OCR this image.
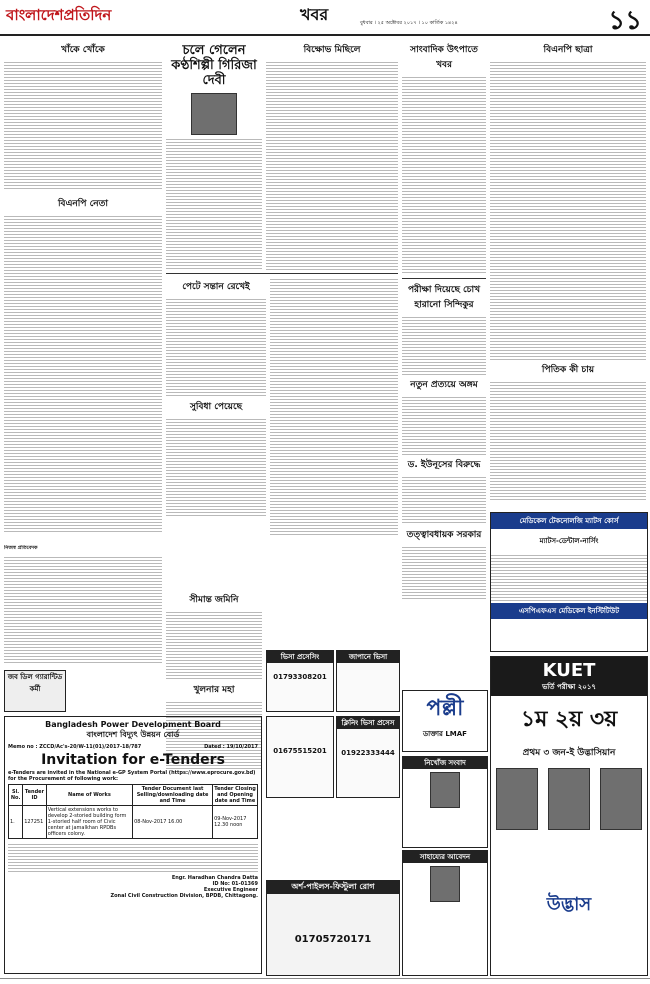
বাংলাদেশপ্রতিদিন	খবর	বুধবার । ২৫ অক্টোবর ২০১৭ । ১০ কার্তিক ১৪২৪	১১
খাঁকে খোঁকে
বিএনপি নেতা
চলে গেলেন কণ্ঠশিল্পী গিরিজা দেবী
বিক্ষোভ মিছিলে
পেটে সন্তান রেখেই
সুবিধা পেয়েছে
সাংবাদিক উৎপাতে খবর
পরীক্ষা দিয়েছে চোখ হারানো সিন্দিকুর
নতুন প্রত্যয়ে অঙ্গম
ড. ইউনূসের বিরুদ্ধে
তত্ত্বাবধায়ক সরকার
বিএনপি ছাত্রা
পিতিক কী চায়
সীমান্ত জমিনি
খুলনার মহা
নিজস্ব প্রতিবেদক
জব ডিল গ্যারান্টিড কর্মী
Bangladesh Power Development Board
বাংলাদেশ বিদ্যুৎ উন্নয়ন বোর্ড
Memo no : ZCCD/Ac's-20/W-11(01)/2017-18/787	Dated : 19/10/2017
Invitation for e-Tenders
e-Tenders are invited in the National e-GP System Portal (https://www.eprocure.gov.bd) for the Procurement of following work:
Sl. No.	Tender ID	Name of Works	Tender Document last Selling/downloading date and Time	Tender Closing and Opening date and Time
1.	127251	Vertical extensions works to develop 2-storied building form 1-storied half room of Civic center at jamalkhan RPDBs officers colony.	08-Nov-2017 16.00	09-Nov-2017 12.30 noon
Engr. Haradhan Chandra Datta
ID No: 01-01369
Executive Engineer
Zonal Civil Construction Division, BPDB, Chittagong.
ভিসা প্রসেসিং
01793308201
জাপানে ভিসা
01675515201
ক্লিনিং ভিসা প্রসেস
01922333444
অর্শ-পাইলস-ফিস্টুলা রোগ
01705720171
পল্লী
ডাক্তার LMAF
নিখোঁজ সংবাদ
সাহায্যের আবেদন
মেডিকেল টেকনোলজি ম্যাটস কোর্স
ম্যাটস-ডেন্টাল-নার্সিং
এসপিএফএস মেডিকেল ইনস্টিটিউট
KUET
ভর্তি পরীক্ষা ২০১৭
১ম ২য় ৩য়
প্রথম ৩ জন-ই উদ্ভাসিয়ান
উদ্ভাস
